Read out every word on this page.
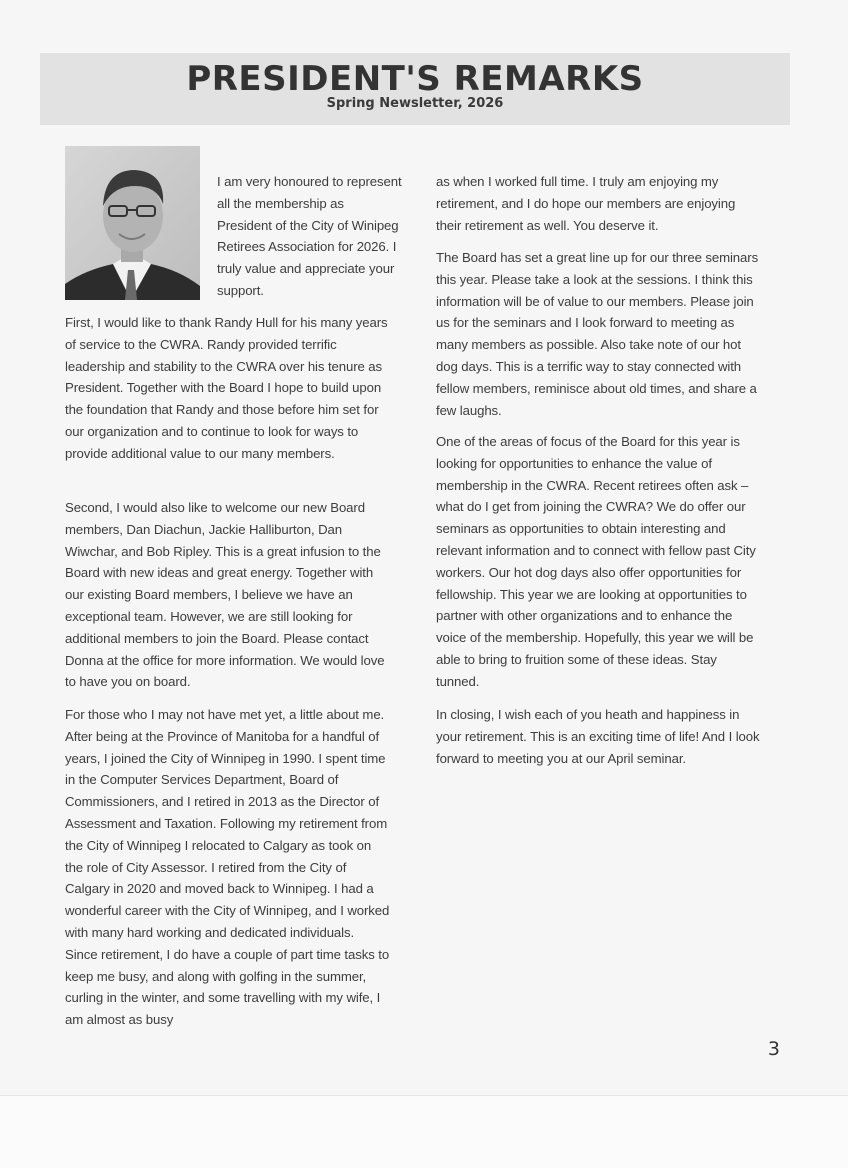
PRESIDENT'S REMARKS
Spring Newsletter, 2026

I am very honoured to represent all the membership as President of the City of Winipeg Retirees Association for 2026. I truly value and appreciate your support.

First, I would like to thank Randy Hull for his many years of service to the CWRA. Randy provided terrific leadership and stability to the CWRA over his tenure as President. Together with the Board I hope to build upon the foundation that Randy and those before him set for our organization and to continue to look for ways to provide additional value to our many members.

Second, I would also like to welcome our new Board members, Dan Diachun, Jackie Halliburton, Dan Wiwchar, and Bob Ripley. This is a great infusion to the Board with new ideas and great energy. Together with our existing Board members, I believe we have an exceptional team. However, we are still looking for additional members to join the Board. Please contact Donna at the office for more information. We would love to have you on board.

For those who I may not have met yet, a little about me. After being at the Province of Manitoba for a handful of years, I joined the City of Winnipeg in 1990. I spent time in the Computer Services Department, Board of Commissioners, and I retired in 2013 as the Director of Assessment and Taxation. Following my retirement from the City of Winnipeg I relocated to Calgary as took on the role of City Assessor. I retired from the City of Calgary in 2020 and moved back to Winnipeg. I had a wonderful career with the City of Winnipeg, and I worked with many hard working and dedicated individuals. Since retirement, I do have a couple of part time tasks to keep me busy, and along with golfing in the summer, curling in the winter, and some travelling with my wife, I am almost as busy

as when I worked full time. I truly am enjoying my retirement, and I do hope our members are enjoying their retirement as well. You deserve it.

The Board has set a great line up for our three seminars this year. Please take a look at the sessions. I think this information will be of value to our members. Please join us for the seminars and I look forward to meeting as many members as possible. Also take note of our hot dog days. This is a terrific way to stay connected with fellow members, reminisce about old times, and share a few laughs.

One of the areas of focus of the Board for this year is looking for opportunities to enhance the value of membership in the CWRA. Recent retirees often ask – what do I get from joining the CWRA? We do offer our seminars as opportunities to obtain interesting and relevant information and to connect with fellow past City workers. Our hot dog days also offer opportunities for fellowship. This year we are looking at opportunities to partner with other organizations and to enhance the voice of the membership. Hopefully, this year we will be able to bring to fruition some of these ideas. Stay tunned.

In closing, I wish each of you heath and happiness in your retirement. This is an exciting time of life! And I look forward to meeting you at our April seminar.

3
